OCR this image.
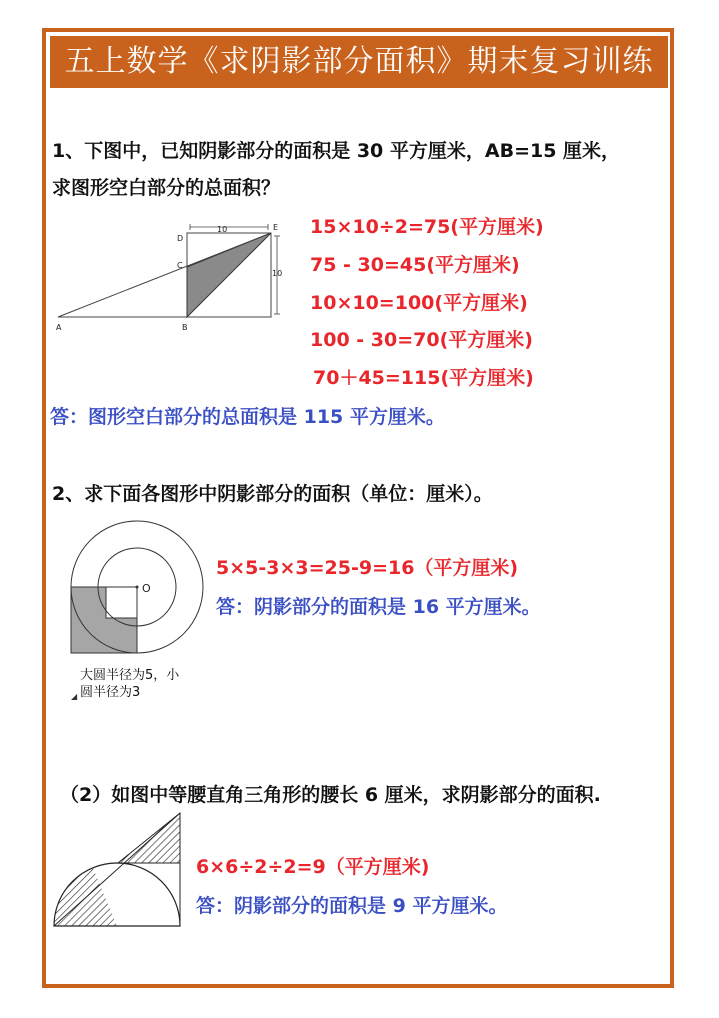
五上数学《求阴影部分面积》期末复习训练
1、下图中，已知阴影部分的面积是 30 平方厘米，AB=15 厘米，
求图形空白部分的总面积？
A	B
C
D
E
10
10
15×10÷2=75(平方厘米)
75 - 30=45(平方厘米)
10×10=100(平方厘米)
100 - 30=70(平方厘米)
70＋45=115(平方厘米)
答：图形空白部分的总面积是 115 平方厘米。
2、求下面各图形中阴影部分的面积（单位：厘米）。
O
◢
大圆半径为5，小
圆半径为3
5×5-3×3=25-9=16（平方厘米)
答：阴影部分的面积是 16 平方厘米。
（2）如图中等腰直角三角形的腰长 6 厘米，求阴影部分的面积.
6×6÷2÷2=9（平方厘米)
答：阴影部分的面积是 9 平方厘米。
